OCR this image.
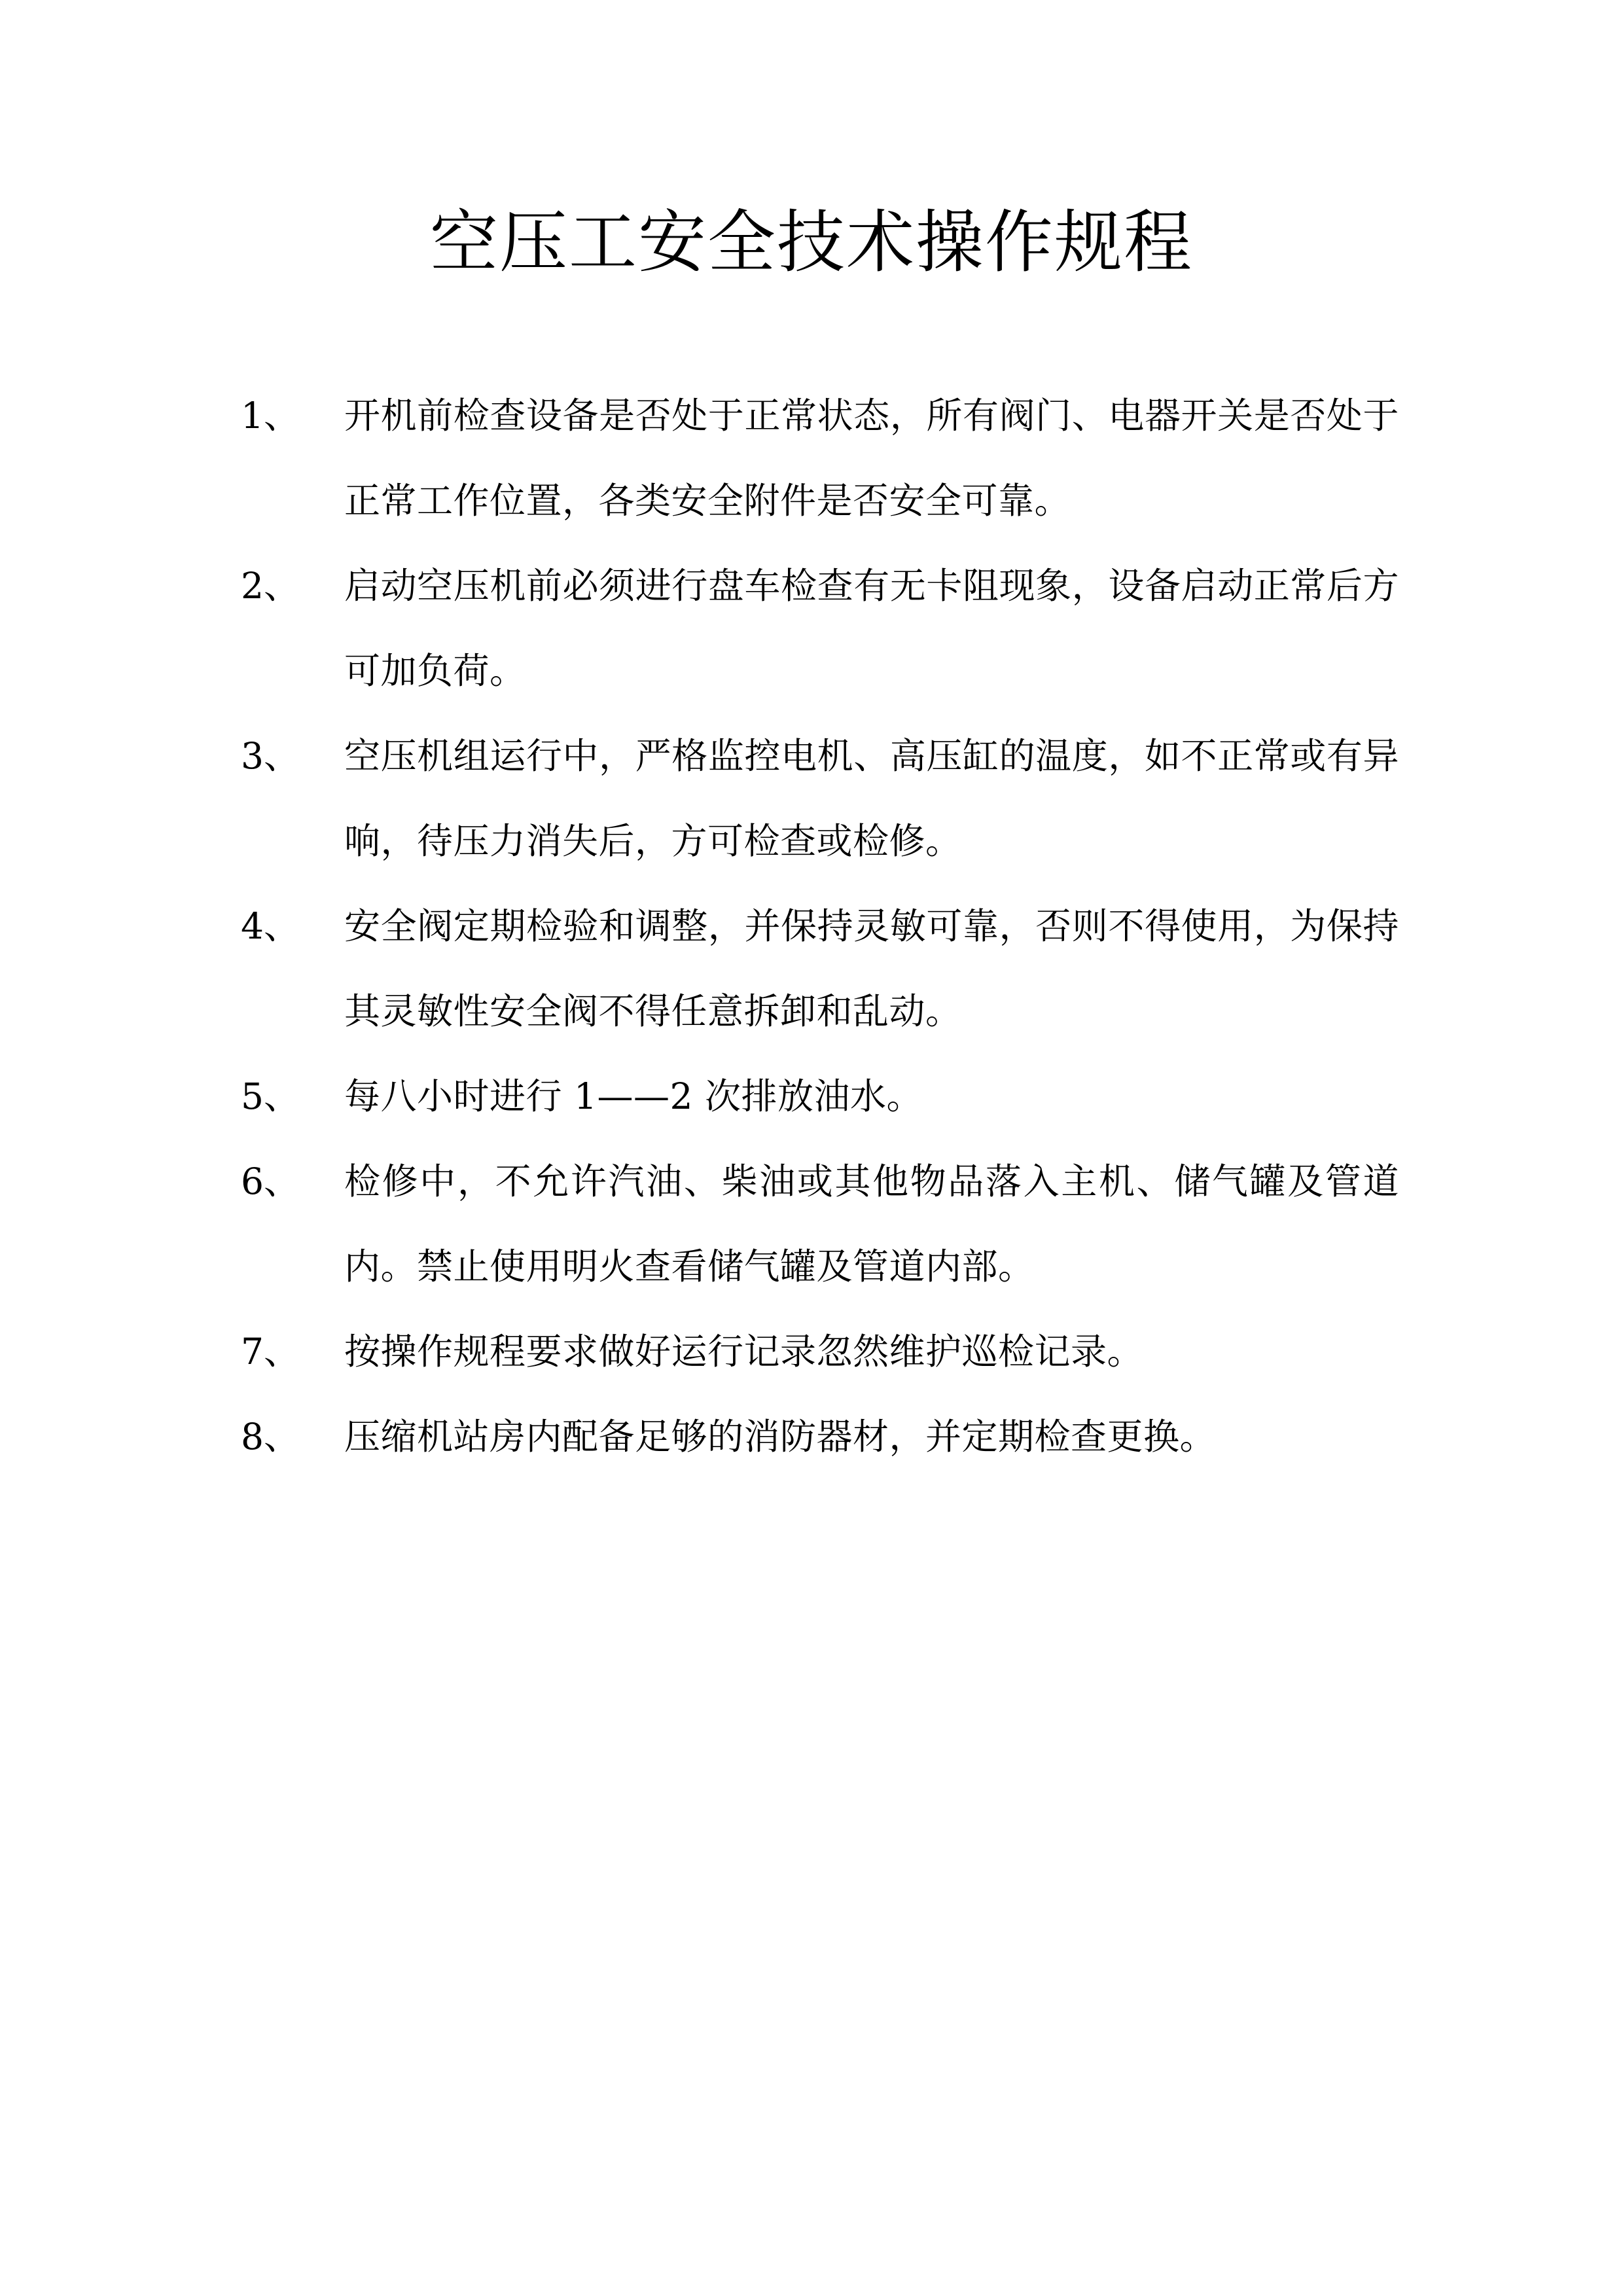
空压工安全技术操作规程
1、	开机前检查设备是否处于正常状态，所有阀门、电器开关是否处于正常工作位置，各类安全附件是否安全可靠。
2、	启动空压机前必须进行盘车检查有无卡阻现象，设备启动正常后方可加负荷。
3、	空压机组运行中，严格监控电机、高压缸的温度，如不正常或有异响，待压力消失后，方可检查或检修。
4、	安全阀定期检验和调整，并保持灵敏可靠，否则不得使用，为保持其灵敏性安全阀不得任意拆卸和乱动。
5、	每八小时进行 1——2 次排放油水。
6、	检修中，不允许汽油、柴油或其他物品落入主机、储气罐及管道内。禁止使用明火查看储气罐及管道内部。
7、	按操作规程要求做好运行记录忽然维护巡检记录。
8、	压缩机站房内配备足够的消防器材，并定期检查更换。
